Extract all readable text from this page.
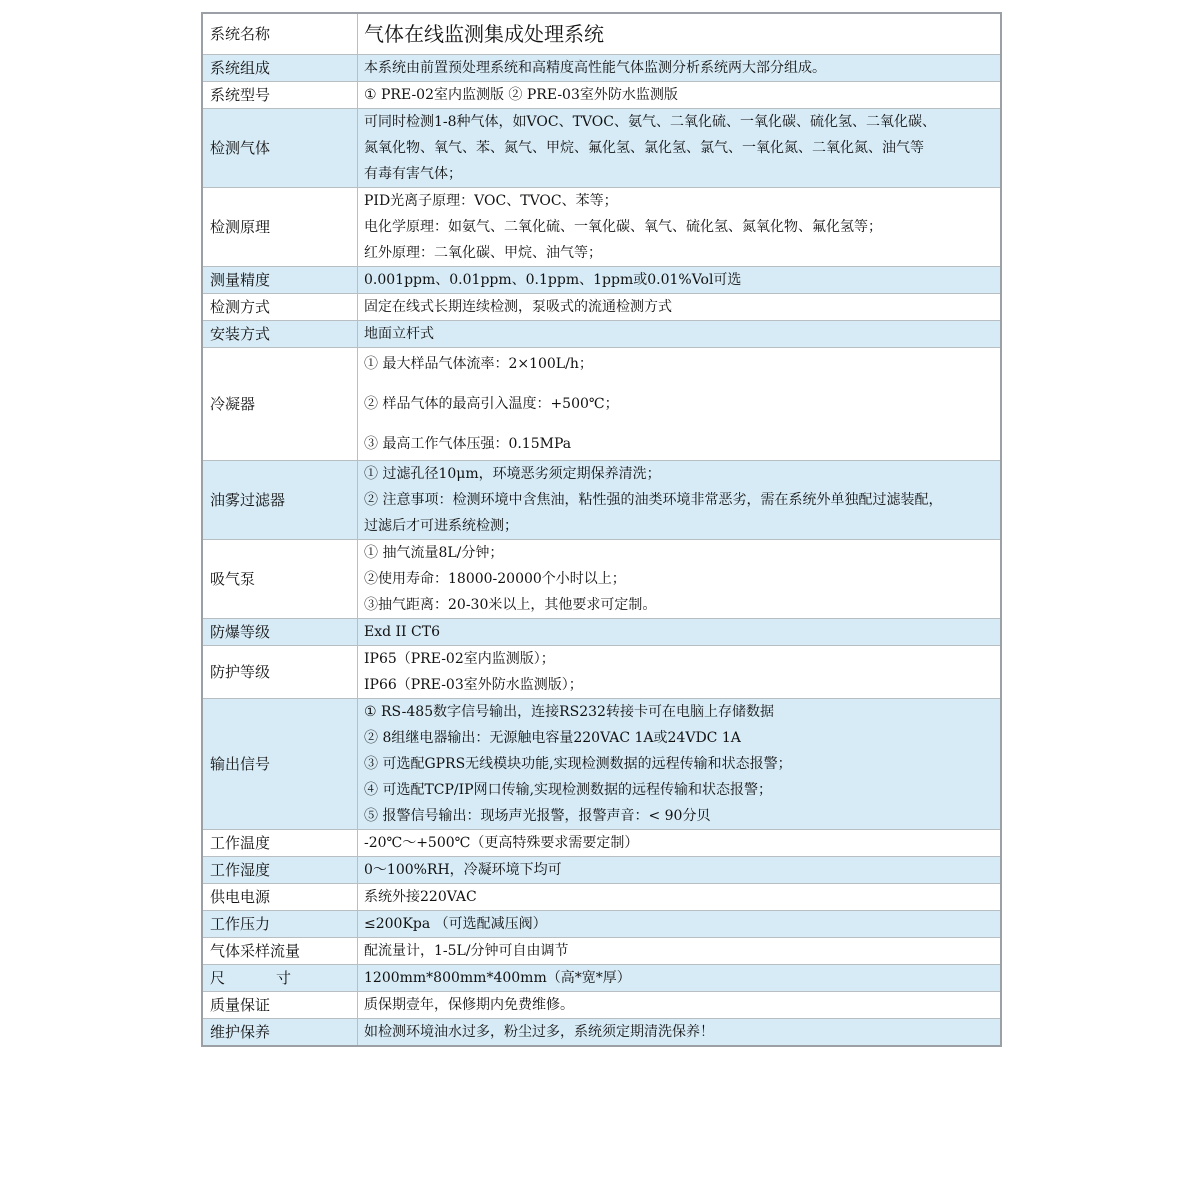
系统名称	气体在线监测集成处理系统

系统组成	本系统由前置预处理系统和高精度高性能气体监测分析系统两大部分组成。

系统型号	① PRE-02室内监测版 ② PRE-03室外防水监测版

检测气体	可同时检测1-8种气体，如VOC、TVOC、氨气、二氧化硫、一氧化碳、硫化氢、二氧化碳、
氮氧化物、氧气、苯、氮气、甲烷、氟化氢、氯化氢、氯气、一氧化氮、二氧化氮、油气等
有毒有害气体；

检测原理	PID光离子原理：VOC、TVOC、苯等；
电化学原理：如氨气、二氧化硫、一氧化碳、氧气、硫化氢、氮氧化物、氟化氢等；
红外原理：二氧化碳、甲烷、油气等；

测量精度	0.001ppm、0.01ppm、0.1ppm、1ppm或0.01%Vol可选

检测方式	固定在线式长期连续检测，泵吸式的流通检测方式

安装方式	地面立杆式

冷凝器	① 最大样品气体流率：2×100L/h；
② 样品气体的最高引入温度：+500℃；
③ 最高工作气体压强：0.15MPa

油雾过滤器	① 过滤孔径10μm，环境恶劣须定期保养清洗；
② 注意事项：检测环境中含焦油，粘性强的油类环境非常恶劣，需在系统外单独配过滤装配，
过滤后才可进系统检测；

吸气泵	① 抽气流量8L/分钟；
②使用寿命：18000-20000个小时以上；
③抽气距离：20-30米以上，其他要求可定制。

防爆等级	Exd II CT6

防护等级	IP65（PRE-02室内监测版）；
IP66（PRE-03室外防水监测版）；

输出信号	① RS-485数字信号输出，连接RS232转接卡可在电脑上存储数据
② 8组继电器输出：无源触电容量220VAC 1A或24VDC 1A
③ 可选配GPRS无线模块功能,实现检测数据的远程传输和状态报警；
④ 可选配TCP/IP网口传输,实现检测数据的远程传输和状态报警；
⑤ 报警信号输出：现场声光报警，报警声音：< 90分贝

工作温度	-20℃～+500℃（更高特殊要求需要定制）

工作湿度	0～100%RH，冷凝环境下均可

供电电源	系统外接220VAC

工作压力	≤200Kpa （可选配减压阀）

气体采样流量	配流量计，1-5L/分钟可自由调节

尺　寸	1200mm*800mm*400mm（高*宽*厚）

质量保证	质保期壹年，保修期内免费维修。

维护保养	如检测环境油水过多，粉尘过多，系统须定期清洗保养！
